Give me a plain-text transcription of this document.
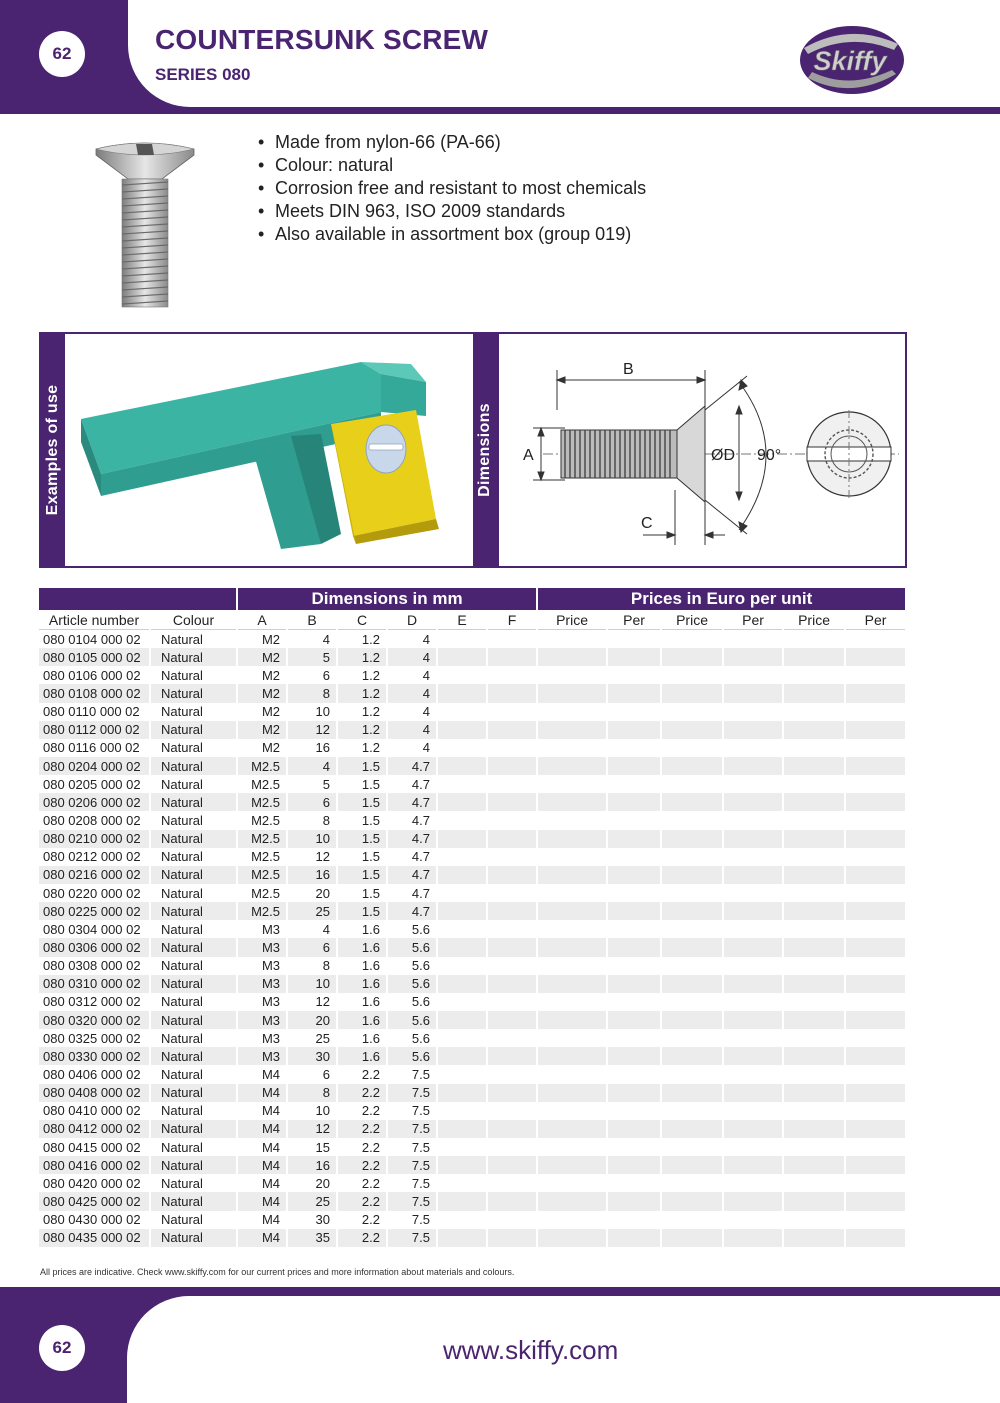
62	COUNTERSUNK SCREW
SERIES 080	Skiffy
• Made from nylon-66 (PA-66)
• Colour: natural
• Corrosion free and resistant to most chemicals
• Meets DIN 963, ISO 2009 standards
• Also available in assortment box (group 019)
Examples of use	Dimensions
B
A	ØD 90°
C
		Dimensions in mm						Prices in Euro per unit					
Article number	Colour	A	B	C	D	E	F	Price	Per	Price	Per	Price	Per
080 0104 000 02	Natural	M2	4	1.2	4								
080 0105 000 02	Natural	M2	5	1.2	4								
080 0106 000 02	Natural	M2	6	1.2	4								
080 0108 000 02	Natural	M2	8	1.2	4								
080 0110 000 02	Natural	M2	10	1.2	4								
080 0112 000 02	Natural	M2	12	1.2	4								
080 0116 000 02	Natural	M2	16	1.2	4								
080 0204 000 02	Natural	M2.5	4	1.5	4.7								
080 0205 000 02	Natural	M2.5	5	1.5	4.7								
080 0206 000 02	Natural	M2.5	6	1.5	4.7								
080 0208 000 02	Natural	M2.5	8	1.5	4.7								
080 0210 000 02	Natural	M2.5	10	1.5	4.7								
080 0212 000 02	Natural	M2.5	12	1.5	4.7								
080 0216 000 02	Natural	M2.5	16	1.5	4.7								
080 0220 000 02	Natural	M2.5	20	1.5	4.7								
080 0225 000 02	Natural	M2.5	25	1.5	4.7								
080 0304 000 02	Natural	M3	4	1.6	5.6								
080 0306 000 02	Natural	M3	6	1.6	5.6								
080 0308 000 02	Natural	M3	8	1.6	5.6								
080 0310 000 02	Natural	M3	10	1.6	5.6								
080 0312 000 02	Natural	M3	12	1.6	5.6								
080 0320 000 02	Natural	M3	20	1.6	5.6								
080 0325 000 02	Natural	M3	25	1.6	5.6								
080 0330 000 02	Natural	M3	30	1.6	5.6								
080 0406 000 02	Natural	M4	6	2.2	7.5								
080 0408 000 02	Natural	M4	8	2.2	7.5								
080 0410 000 02	Natural	M4	10	2.2	7.5								
080 0412 000 02	Natural	M4	12	2.2	7.5								
080 0415 000 02	Natural	M4	15	2.2	7.5								
080 0416 000 02	Natural	M4	16	2.2	7.5								
080 0420 000 02	Natural	M4	20	2.2	7.5								
080 0425 000 02	Natural	M4	25	2.2	7.5								
080 0430 000 02	Natural	M4	30	2.2	7.5								
080 0435 000 02	Natural	M4	35	2.2	7.5								
All prices are indicative. Check www.skiffy.com for our current prices and more information about materials and colours.
62	www.skiffy.com
